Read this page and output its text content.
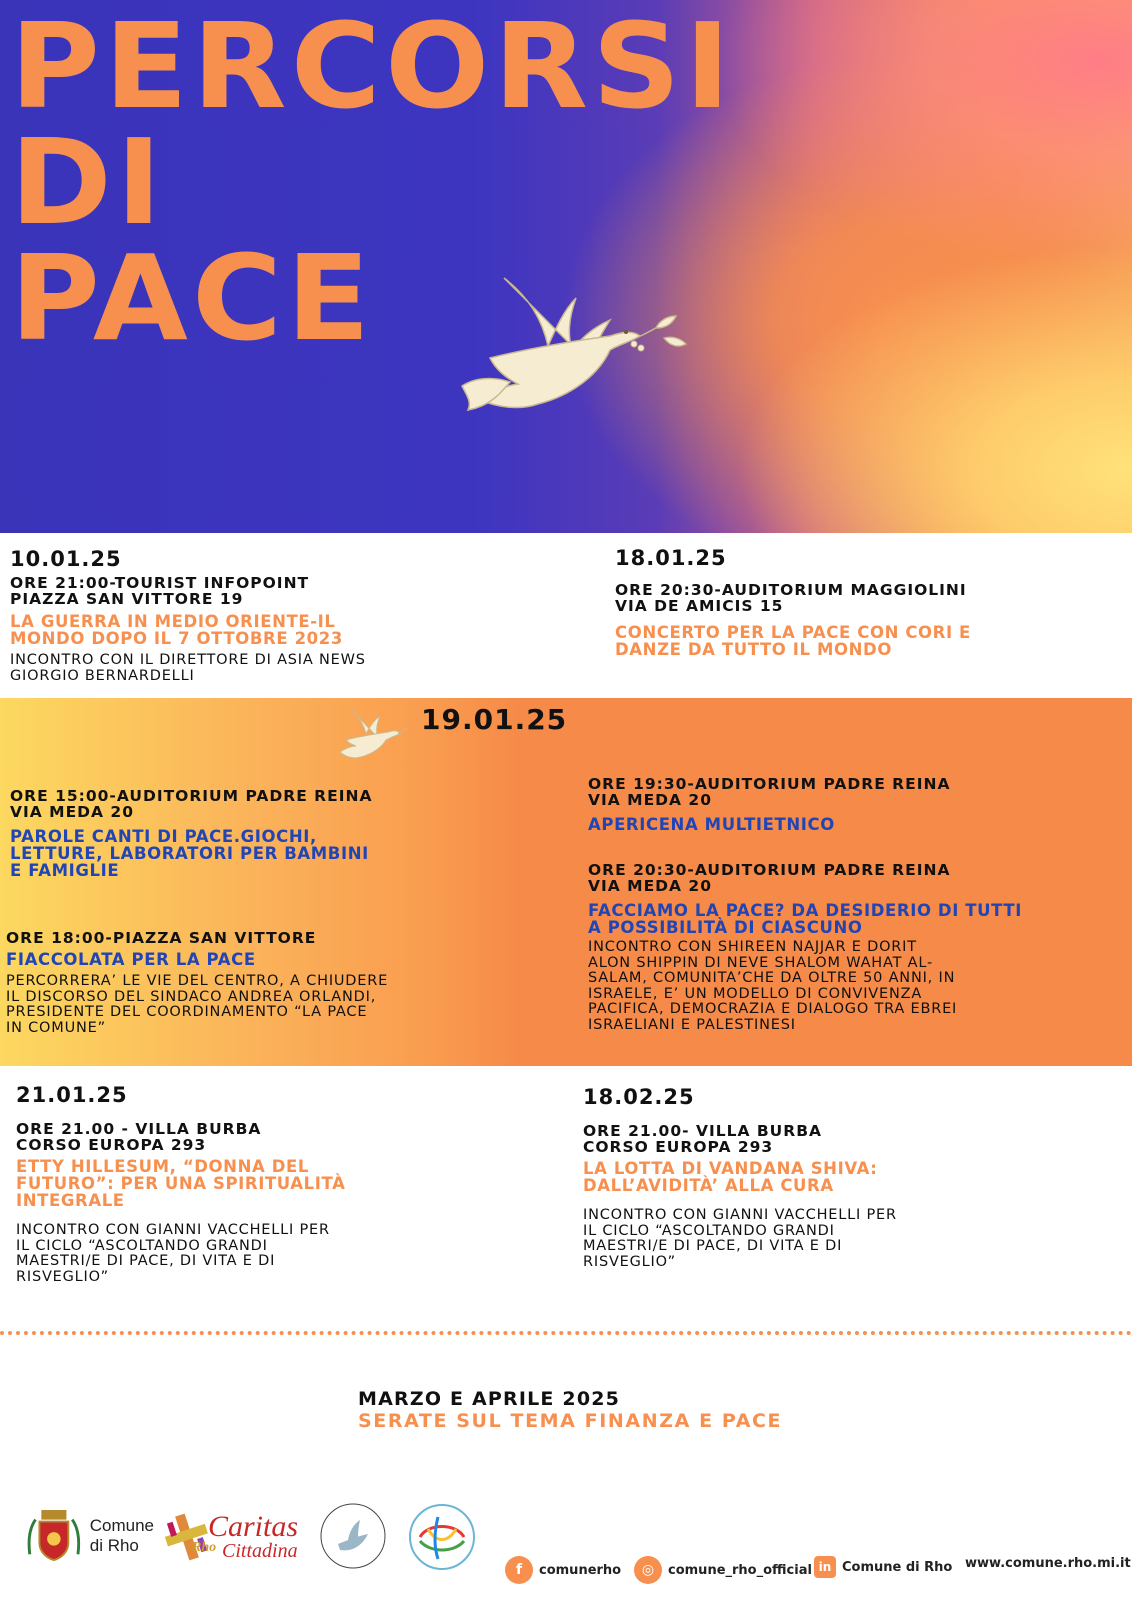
PERCORSI
DI
PACE
10.01.25
ORE 21:00-TOURIST INFOPOINT
PIAZZA SAN VITTORE 19
LA GUERRA IN MEDIO ORIENTE-IL
MONDO DOPO IL 7 OTTOBRE 2023
INCONTRO CON IL DIRETTORE DI ASIA NEWS
GIORGIO BERNARDELLI
18.01.25
ORE 20:30-AUDITORIUM MAGGIOLINI
VIA DE AMICIS 15
CONCERTO PER LA PACE CON CORI E
DANZE DA TUTTO IL MONDO
19.01.25
ORE 15:00-AUDITORIUM PADRE REINA
VIA MEDA 20
PAROLE CANTI DI PACE.GIOCHI,
LETTURE, LABORATORI PER BAMBINI
E FAMIGLIE
ORE 18:00-PIAZZA SAN VITTORE
FIACCOLATA PER LA PACE
PERCORRERA’ LE VIE DEL CENTRO, A CHIUDERE
IL DISCORSO DEL SINDACO ANDREA ORLANDI,
PRESIDENTE DEL COORDINAMENTO “LA PACE
IN COMUNE”
ORE 19:30-AUDITORIUM PADRE REINA
VIA MEDA 20
APERICENA MULTIETNICO
ORE 20:30-AUDITORIUM PADRE REINA
VIA MEDA 20
FACCIAMO LA PACE? DA DESIDERIO DI TUTTI
A POSSIBILITÀ DI CIASCUNO
INCONTRO CON SHIREEN NAJJAR E DORIT
ALON SHIPPIN DI NEVE SHALOM WAHAT AL-
SALAM, COMUNITA’CHE DA OLTRE 50 ANNI, IN
ISRAELE, E’ UN MODELLO DI CONVIVENZA
PACIFICA, DEMOCRAZIA E DIALOGO TRA EBREI
ISRAELIANI E PALESTINESI
21.01.25
ORE 21.00 - VILLA BURBA
CORSO EUROPA 293
ETTY HILLESUM, “DONNA DEL
FUTURO”: PER UNA SPIRITUALITÀ
INTEGRALE
INCONTRO CON GIANNI VACCHELLI PER
IL CICLO “ASCOLTANDO GRANDI
MAESTRI/E DI PACE, DI VITA E DI
RISVEGLIO”
18.02.25
ORE 21.00- VILLA BURBA
CORSO EUROPA 293
LA LOTTA DI VANDANA SHIVA:
DALL’AVIDITÀ’ ALLA CURA
INCONTRO CON GIANNI VACCHELLI PER
IL CICLO “ASCOLTANDO GRANDI
MAESTRI/E DI PACE, DI VITA E DI
RISVEGLIO”
MARZO E APRILE 2025
SERATE SUL TEMA FINANZA E PACE
Comune
di Rho
Caritas
Rho Cittadina
f	comunerho	◎	comune_rho_official in Comune di Rho www.comune.rho.mi.it
